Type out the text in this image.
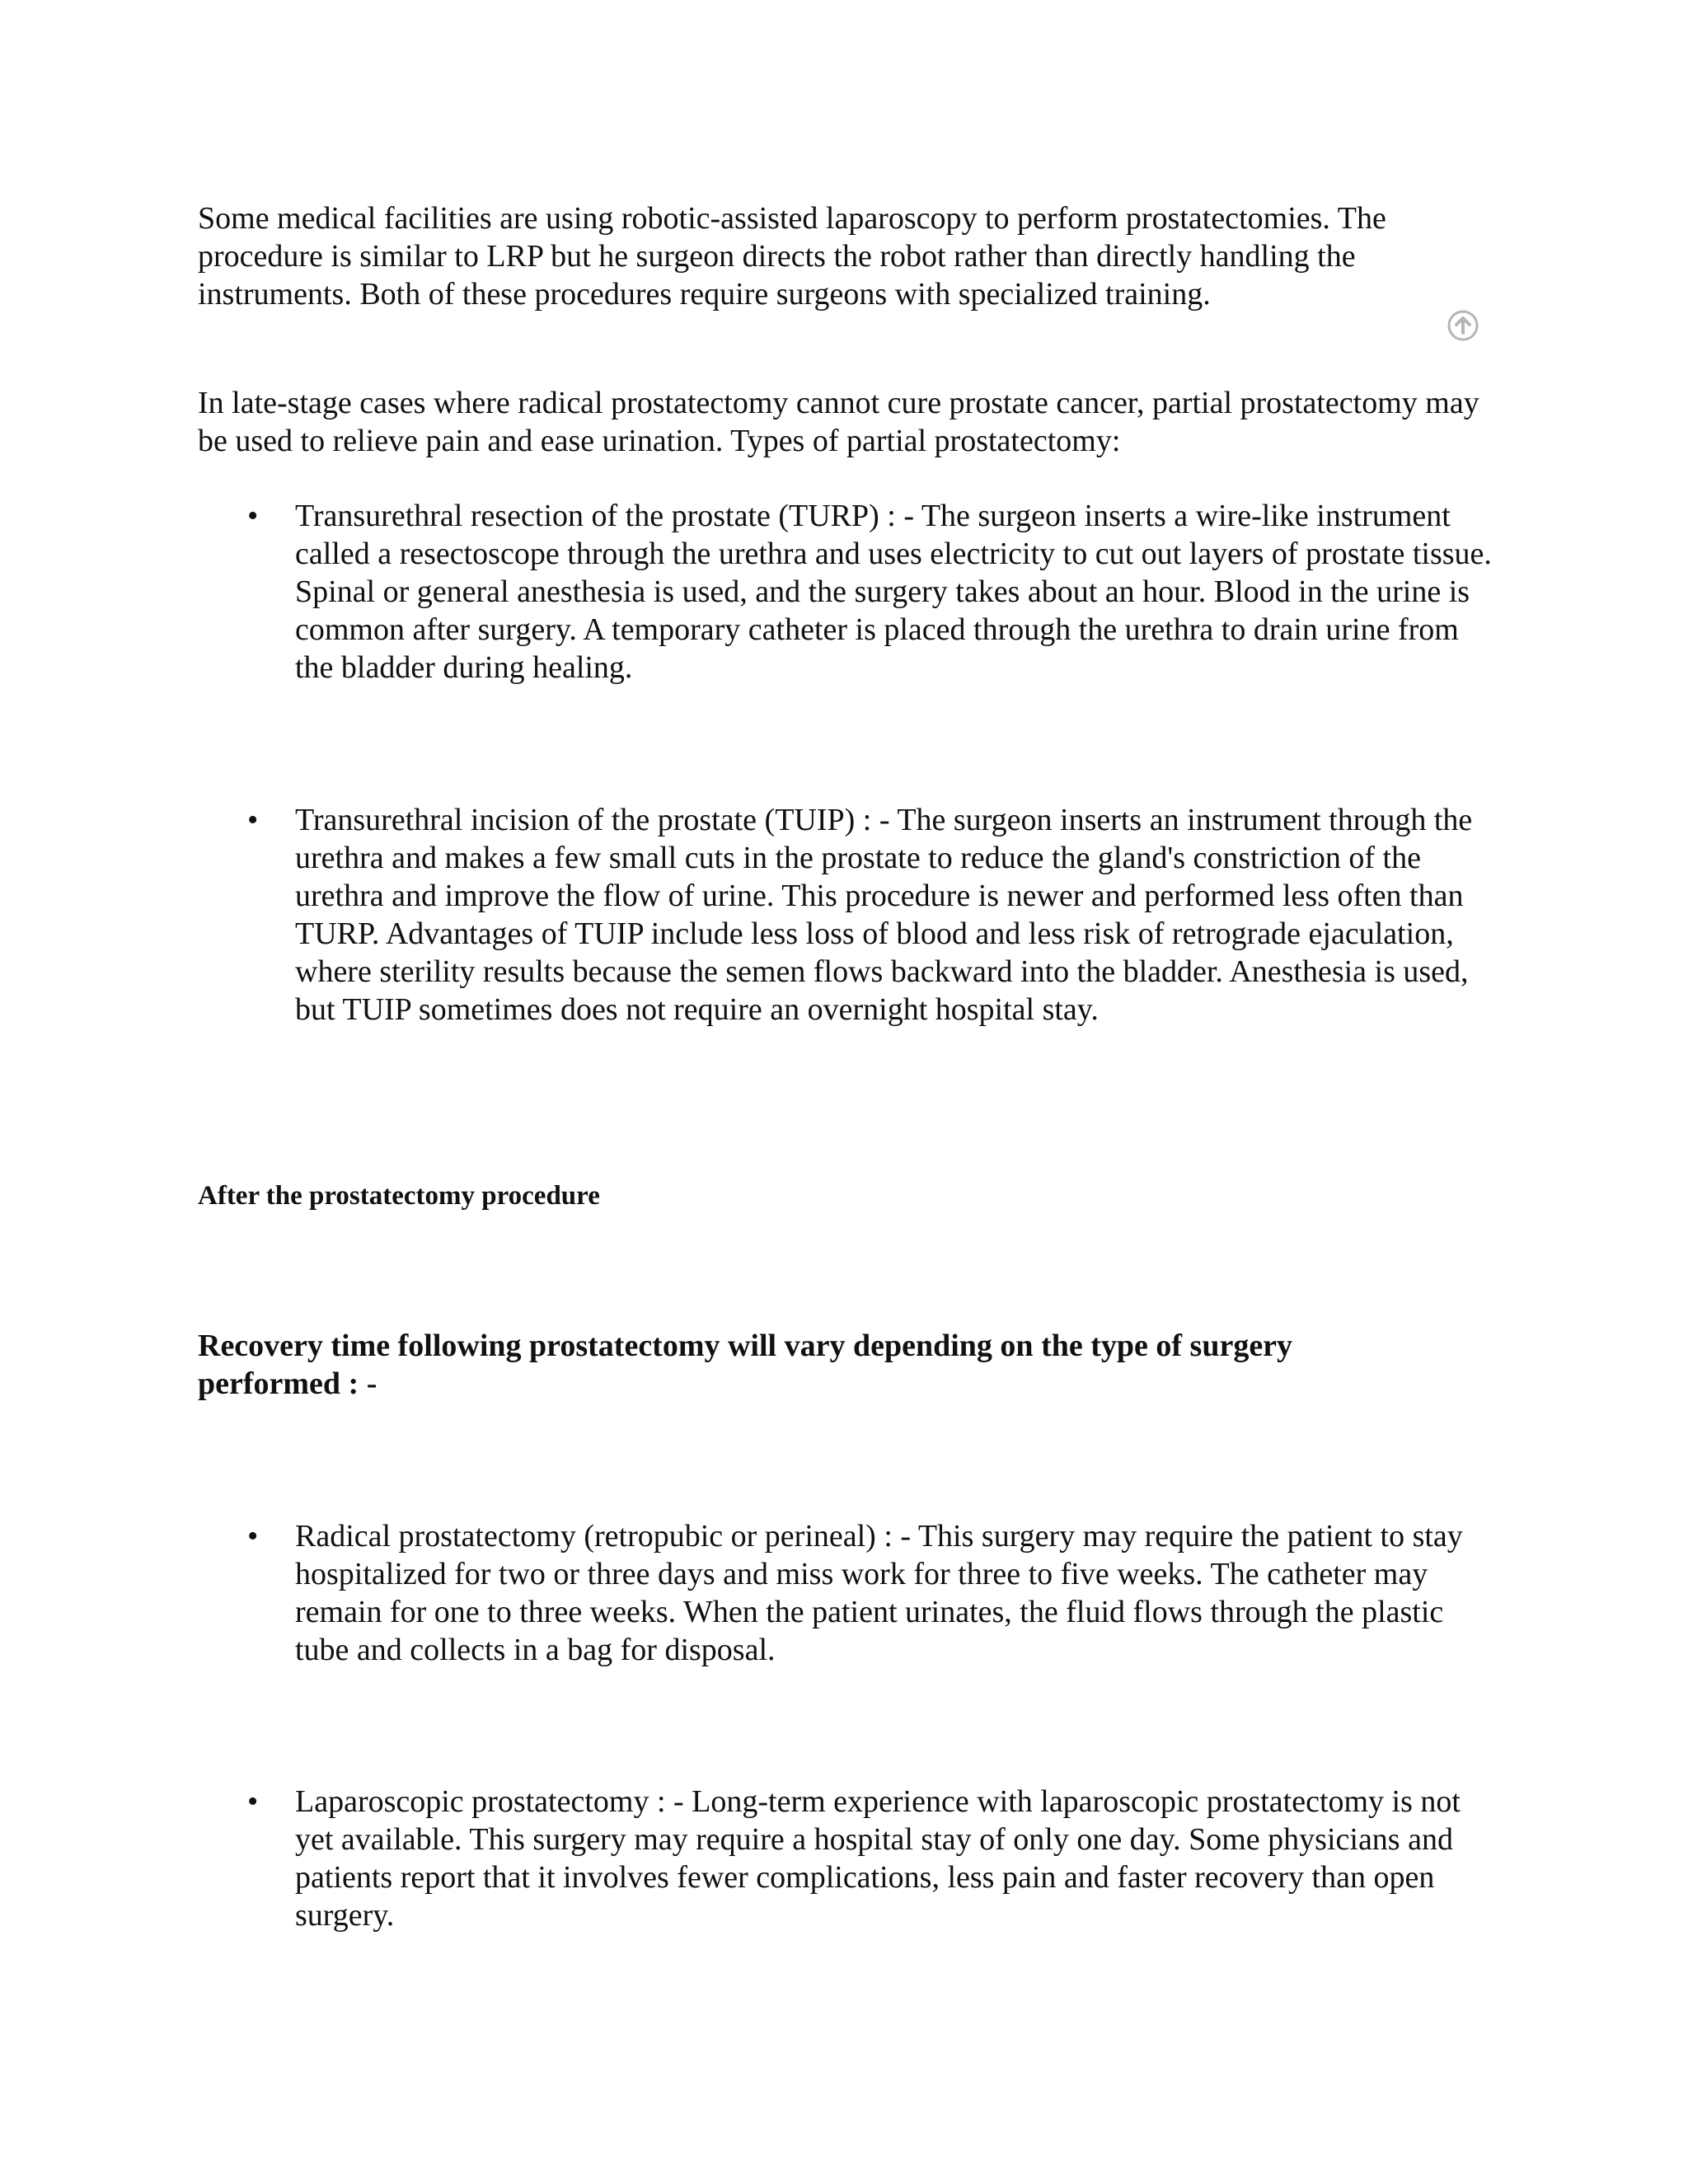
Some medical facilities are using robotic-assisted laparoscopy to perform prostatectomies. The procedure is similar to LRP but he surgeon directs the robot rather than directly handling the instruments. Both of these procedures require surgeons with specialized training.

In late-stage cases where radical prostatectomy cannot cure prostate cancer, partial prostatectomy may be used to relieve pain and ease urination. Types of partial prostatectomy:

• Transurethral resection of the prostate (TURP) : - The surgeon inserts a wire-like instrument called a resectoscope through the urethra and uses electricity to cut out layers of prostate tissue. Spinal or general anesthesia is used, and the surgery takes about an hour. Blood in the urine is common after surgery. A temporary catheter is placed through the urethra to drain urine from the bladder during healing.

• Transurethral incision of the prostate (TUIP) : - The surgeon inserts an instrument through the urethra and makes a few small cuts in the prostate to reduce the gland's constriction of the urethra and improve the flow of urine. This procedure is newer and performed less often than TURP. Advantages of TUIP include less loss of blood and less risk of retrograde ejaculation, where sterility results because the semen flows backward into the bladder. Anesthesia is used, but TUIP sometimes does not require an overnight hospital stay.

After the prostatectomy procedure
Recovery time following prostatectomy will vary depending on the type of surgery performed : -
• Radical prostatectomy (retropubic or perineal) : - This surgery may require the patient to stay hospitalized for two or three days and miss work for three to five weeks. The catheter may remain for one to three weeks. When the patient urinates, the fluid flows through the plastic tube and collects in a bag for disposal.

• Laparoscopic prostatectomy : - Long-term experience with laparoscopic prostatectomy is not yet available. This surgery may require a hospital stay of only one day. Some physicians and patients report that it involves fewer complications, less pain and faster recovery than open surgery.
